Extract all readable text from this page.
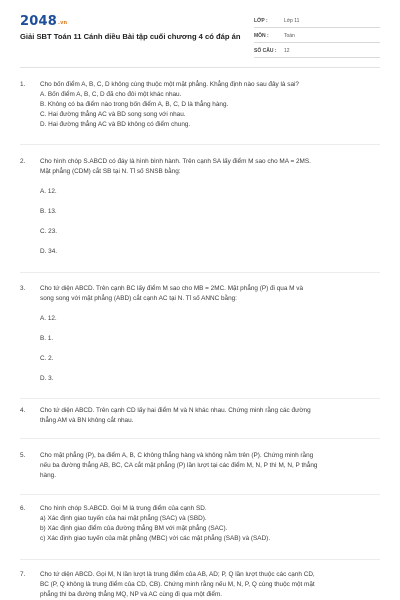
$2048_{.vn}$
Giải SBT Toán 11 Cánh diều Bài tập cuối chương 4 có đáp án
LỚP :	Lớp 11
MÔN :	Toán
SỐ CÂU : 12
1.	Cho bốn điểm A, B, C, D không cùng thuộc một mặt phẳng. Khẳng định nào sau đây là sai?
A. Bốn điểm A, B, C, D đã cho đôi một khác nhau.
B. Không có ba điểm nào trong bốn điểm A, B, C, D là thẳng hàng.
C. Hai đường thẳng AC và BD song song với nhau.
D. Hai đường thẳng AC và BD không có điểm chung.
2.	Cho hình chóp S.ABCD có đáy là hình bình hành. Trên cạnh SA lấy điểm M sao cho MA = 2MS.
Mặt phẳng (CDM) cắt SB tại N. Tỉ số SNSB bằng:
A. 12.
B. 13.
C. 23.
D. 34.
3.	Cho tứ diện ABCD. Trên cạnh BC lấy điểm M sao cho MB = 2MC. Mặt phẳng (P) đi qua M và
song song với mặt phẳng (ABD) cắt cạnh AC tại N. Tỉ số ANNC bằng:
A. 12.
B. 1.
C. 2.
D. 3.
4.	Cho tứ diện ABCD. Trên cạnh CD lấy hai điểm M và N khác nhau. Chứng minh rằng các đường
thẳng AM và BN không cắt nhau.
5.	Cho mặt phẳng (P), ba điểm A, B, C không thẳng hàng và không nằm trên (P). Chứng minh rằng
nếu ba đường thẳng AB, BC, CA cắt mặt phẳng (P) lần lượt tại các điểm M, N, P thì M, N, P thẳng
hàng.
6.	Cho hình chóp S.ABCD. Gọi M là trung điểm của cạnh SD.
a) Xác định giao tuyến của hai mặt phẳng (SAC) và (SBD).
b) Xác định giao điểm của đường thẳng BM với mặt phẳng (SAC).
c) Xác định giao tuyến của mặt phẳng (MBC) với các mặt phẳng (SAB) và (SAD).
7.	Cho tứ diện ABCD. Gọi M, N lần lượt là trung điểm của AB, AD; P, Q lần lượt thuộc các cạnh CD,
BC (P, Q không là trung điểm của CD, CB). Chứng minh rằng nếu M, N, P, Q cùng thuộc một mặt
phẳng thì ba đường thẳng MQ, NP và AC cùng đi qua một điểm.
